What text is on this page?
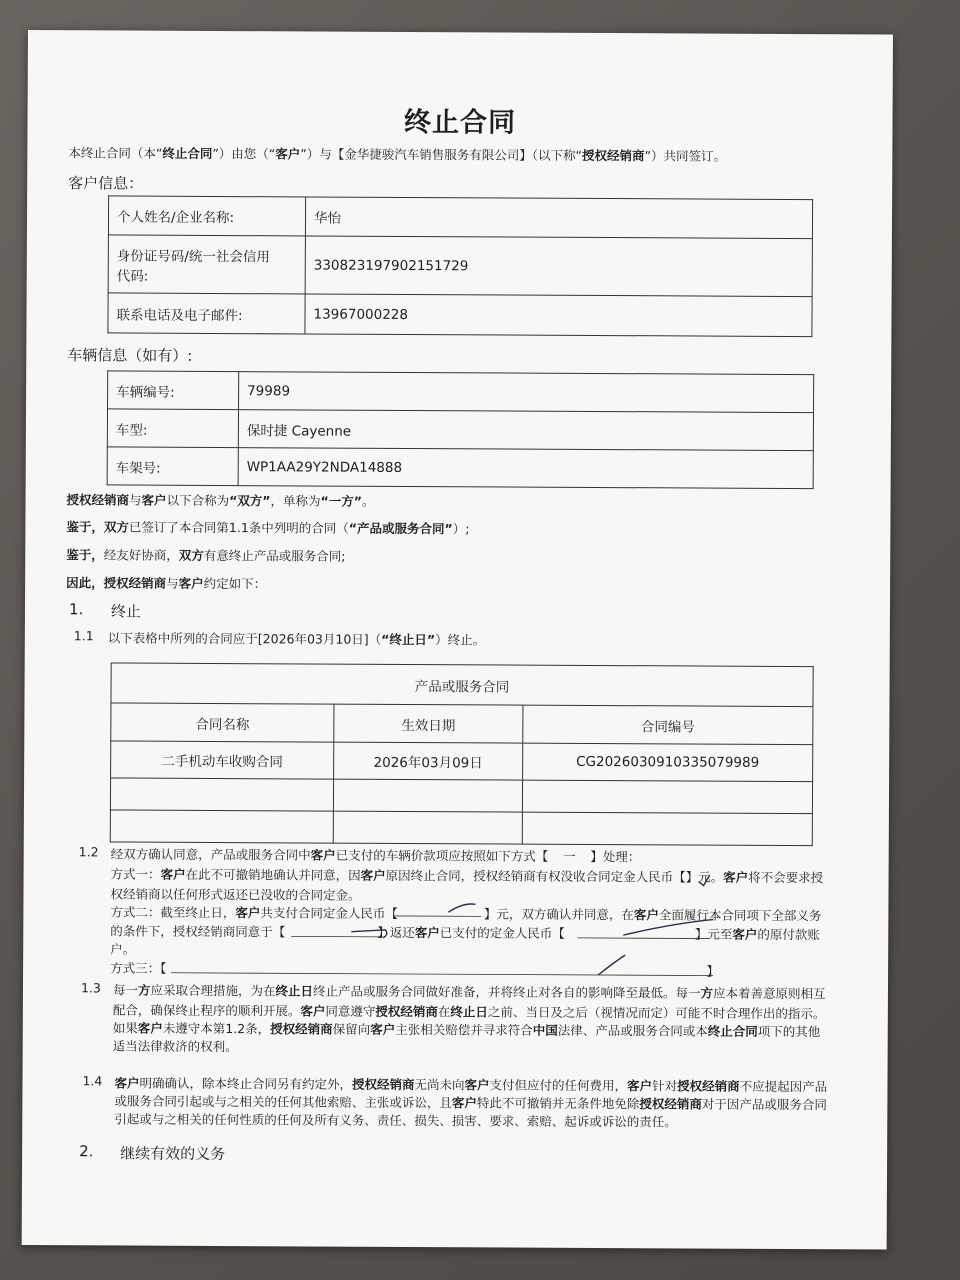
终止合同
本终止合同（本“终止合同”）由您（“客户”）与【金华捷骏汽车销售服务有限公司】（以下称“授权经销商”）共同签订。
客户信息：
个人姓名/企业名称:	华怡
身份证号码/统一社会信用
代码:	330823197902151729
联系电话及电子邮件:	13967000228
车辆信息（如有）:
车辆编号:	79989
车型:	保时捷 Cayenne
车架号:	WP1AA29Y2NDA14888
授权经销商与客户以下合称为“双方”，单称为“一方”。
鉴于，双方已签订了本合同第1.1条中列明的合同（“产品或服务合同”）;
鉴于，经友好协商，双方有意终止产品或服务合同;
因此，授权经销商与客户约定如下：
1. 终止
1.1 以下表格中所列的合同应于[2026年03月10日]（“终止日”）终止。
产品或服务合同		
合同名称	生效日期	合同编号
二手机动车收购合同	2026年03月09日	CG2026030910335079989

1.2 经双方确认同意，产品或服务合同中客户已支付的车辆价款项应按照如下方式【 一 】处理：
方式一：客户在此不可撤销地确认并同意，因客户原因终止合同，授权经销商有权没收合同定金人民币【】元。客户将不会要求授
权经销商以任何形式返还已没收的合同定金。
方式二：截至终止日，客户共支付合同定金人民币【	】元，双方确认并同意，在客户全面履行本合同项下全部义务
的条件下，授权经销商同意于【	】返还客户已支付的定金人民币【	】元至客户的原付款账
户。
方式三：【	】
1.3 每一方应采取合理措施，为在终止日终止产品或服务合同做好准备，并将终止对各自的影响降至最低。每一方应本着善意原则相互
配合，确保终止程序的顺利开展。客户同意遵守授权经销商在终止日之前、当日及之后（视情况而定）可能不时合理作出的指示。
如果客户未遵守本第1.2条，授权经销商保留向客户主张相关赔偿并寻求符合中国法律、产品或服务合同或本终止合同项下的其他
适当法律救济的权利。
1.4 客户明确确认，除本终止合同另有约定外，授权经销商无尚未向客户支付但应付的任何费用，客户针对授权经销商不应提起因产品
或服务合同引起或与之相关的任何其他索赔、主张或诉讼，且客户特此不可撤销并无条件地免除授权经销商对于因产品或服务合同
引起或与之相关的任何性质的任何及所有义务、责任、损失、损害、要求、索赔、起诉或诉讼的责任。
2. 继续有效的义务
